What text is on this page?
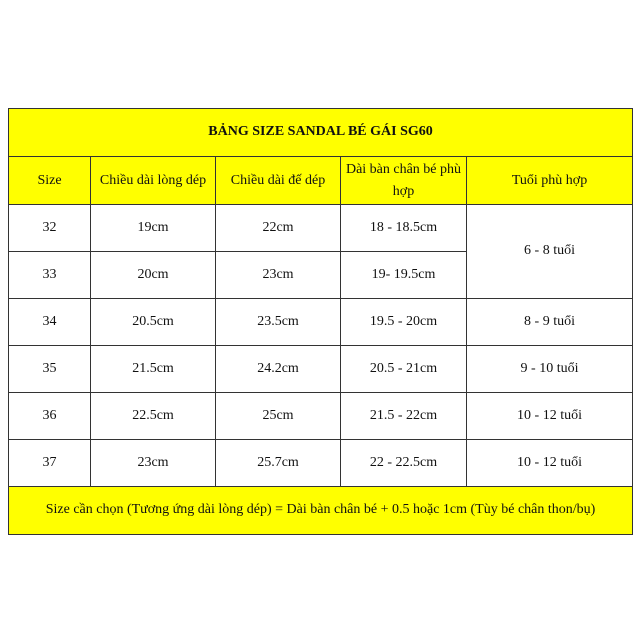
BẢNG SIZE SANDAL BÉ GÁI SG60				
Size	Chiều dài lòng dép	Chiều dài đế dép	Dài bàn chân bé phù hợp	Tuổi phù hợp
32	19cm	22cm	18 - 18.5cm	6 - 8 tuổi
33	20cm	23cm	19- 19.5cm	
34	20.5cm	23.5cm	19.5 - 20cm	8 - 9 tuổi
35	21.5cm	24.2cm	20.5 - 21cm	9 - 10 tuổi
36	22.5cm	25cm	21.5 - 22cm	10 - 12 tuổi
37	23cm	25.7cm	22 - 22.5cm	10 - 12 tuổi
Size cần chọn (Tương ứng dài lòng dép) = Dài bàn chân bé + 0.5 hoặc 1cm (Tùy bé chân thon/bụ)				
